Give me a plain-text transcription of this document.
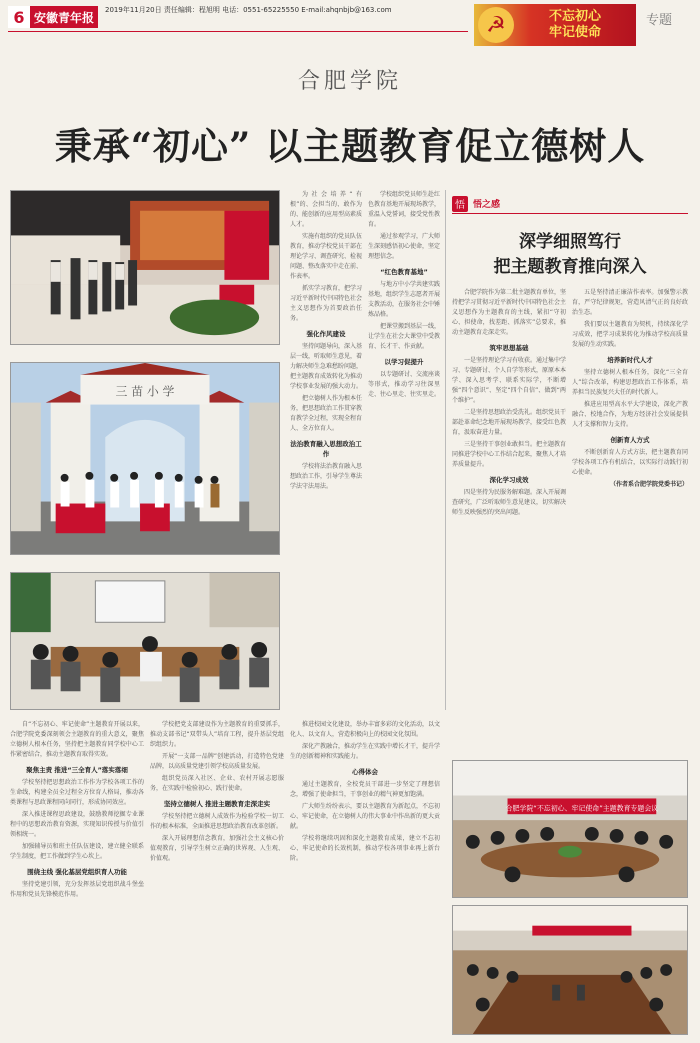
6 安徽青年报
2019年11月20日 责任编辑：程旭明 电话：0551-65225550 E-mail:ahqnbjb@163.com
☭	不忘初心
牢记使命
专题
合肥学院
秉承“初心” 以主题教育促立德树人
三 苗 小 学

为社会培养“有根”的、会担当的、敢作为的、能创新的应用型高素质人才。

实施有组织的党员队伍教育，推动学校党员干部在理论学习、调查研究、检视问题、整改落实中走在前、作表率。

抓实学习教育，把学习习近平新时代中国特色社会主义思想作为首要政治任务。

强化作风建设

坚持问题导向，深入基层一线，听取师生意见，着力解决师生急难愁盼问题，把主题教育成效转化为推动学校事业发展的强大动力。

把立德树人作为根本任务，把思想政治工作贯穿教育教学全过程，实现全程育人、全方位育人。

法治教育融入思想政治工作

学校将法治教育融入思想政治工作，引导学生尊法学法守法用法。

学校组织党员师生赴红色教育基地开展现场教学，重温入党誓词，接受党性教育。

通过参观学习，广大师生深刻感悟初心使命，坚定理想信念。

“红色教育基地”

与地方中小学共建实践基地，组织学生志愿者开展支教活动，在服务社会中锤炼品格。

把课堂搬到基层一线，让学生在社会大课堂中受教育、长才干、作贡献。

以学习促提升

以专题研讨、交流座谈等形式，推动学习往深里走、往心里走、往实里走。

悟 悟之感
深学细照笃行
把主题教育推向深入

合肥学院作为第二批主题教育单位，坚持把学习贯彻习近平新时代中国特色社会主义思想作为主题教育的主线，紧扣“守初心、担使命，找差距、抓落实”总要求，推动主题教育走深走实。

筑牢思想基础

一是坚持理论学习有收获。通过集中学习、专题研讨、个人自学等形式，原原本本学、深入思考学、联系实际学，不断增强“四个意识”、坚定“四个自信”、做到“两个维护”。

二是坚持思想政治受洗礼。组织党员干部赴革命纪念地开展现场教学，接受红色教育，汲取奋进力量。

三是坚持干事创业敢担当。把主题教育同推进学校中心工作结合起来，聚焦人才培养质量提升。

深化学习成效

四是坚持为民服务解难题。深入开展调查研究，广泛听取师生意见建议，切实解决师生反映强烈的突出问题。

五是坚持清正廉洁作表率。加强警示教育，严守纪律规矩，营造风清气正的良好政治生态。

我们要以主题教育为契机，持续深化学习成效，把学习成果转化为推动学校高质量发展的生动实践。

培养新时代人才

坚持立德树人根本任务，深化“三全育人”综合改革，构建思想政治工作体系，培养担当民族复兴大任的时代新人。

推进应用型高水平大学建设，深化产教融合、校地合作，为地方经济社会发展提供人才支撑和智力支持。

创新育人方式

不断创新育人方式方法，把主题教育同学校各项工作有机结合，以实际行动践行初心使命。

（作者系合肥学院党委书记）

合肥学院“不忘初心、牢记使命”主题教育专题会议

自“不忘初心、牢记使命”主题教育开展以来，合肥学院党委深刻领会主题教育的重大意义，聚焦立德树人根本任务，坚持把主题教育同学校中心工作紧密结合，推动主题教育取得实效。

聚焦主责 推进“三全育人”落实落细

学校坚持把思想政治工作作为学校各项工作的生命线，构建全员全过程全方位育人格局，推动各类课程与思政课程同向同行，形成协同效应。

深入推进课程思政建设，鼓励教师挖掘专业课程中的思想政治教育资源，实现知识传授与价值引领相统一。

加强辅导员和班主任队伍建设，建立健全联系学生制度，把工作做到学生心坎上。

围绕主线 强化基层党组织育人功能

坚持党建引领，充分发挥基层党组织战斗堡垒作用和党员先锋模范作用。

学校把党支部建设作为主题教育的重要抓手，推动支部书记“双带头人”培育工程，提升基层党组织组织力。

开展“一支部一品牌”创建活动，打造特色党建品牌，以高质量党建引领学校高质量发展。

组织党员深入社区、企业、农村开展志愿服务，在实践中检验初心、践行使命。

坚持立德树人 推进主题教育走深走实

学校坚持把立德树人成效作为检验学校一切工作的根本标准，全面推进思想政治教育改革创新。

深入开展理想信念教育，加强社会主义核心价值观教育，引导学生树立正确的世界观、人生观、价值观。

推进校园文化建设，举办丰富多彩的文化活动，以文化人、以文育人，营造积极向上的校园文化氛围。

深化产教融合，推动学生在实践中增长才干，提升学生的创新精神和实践能力。

心得体会

通过主题教育，全校党员干部进一步坚定了理想信念，增强了使命担当，干事创业的精气神更加饱满。

广大师生纷纷表示，要以主题教育为新起点，不忘初心、牢记使命，在立德树人的伟大事业中作出新的更大贡献。

学校将继续巩固和深化主题教育成果，建立不忘初心、牢记使命的长效机制，推动学校各项事业再上新台阶。
